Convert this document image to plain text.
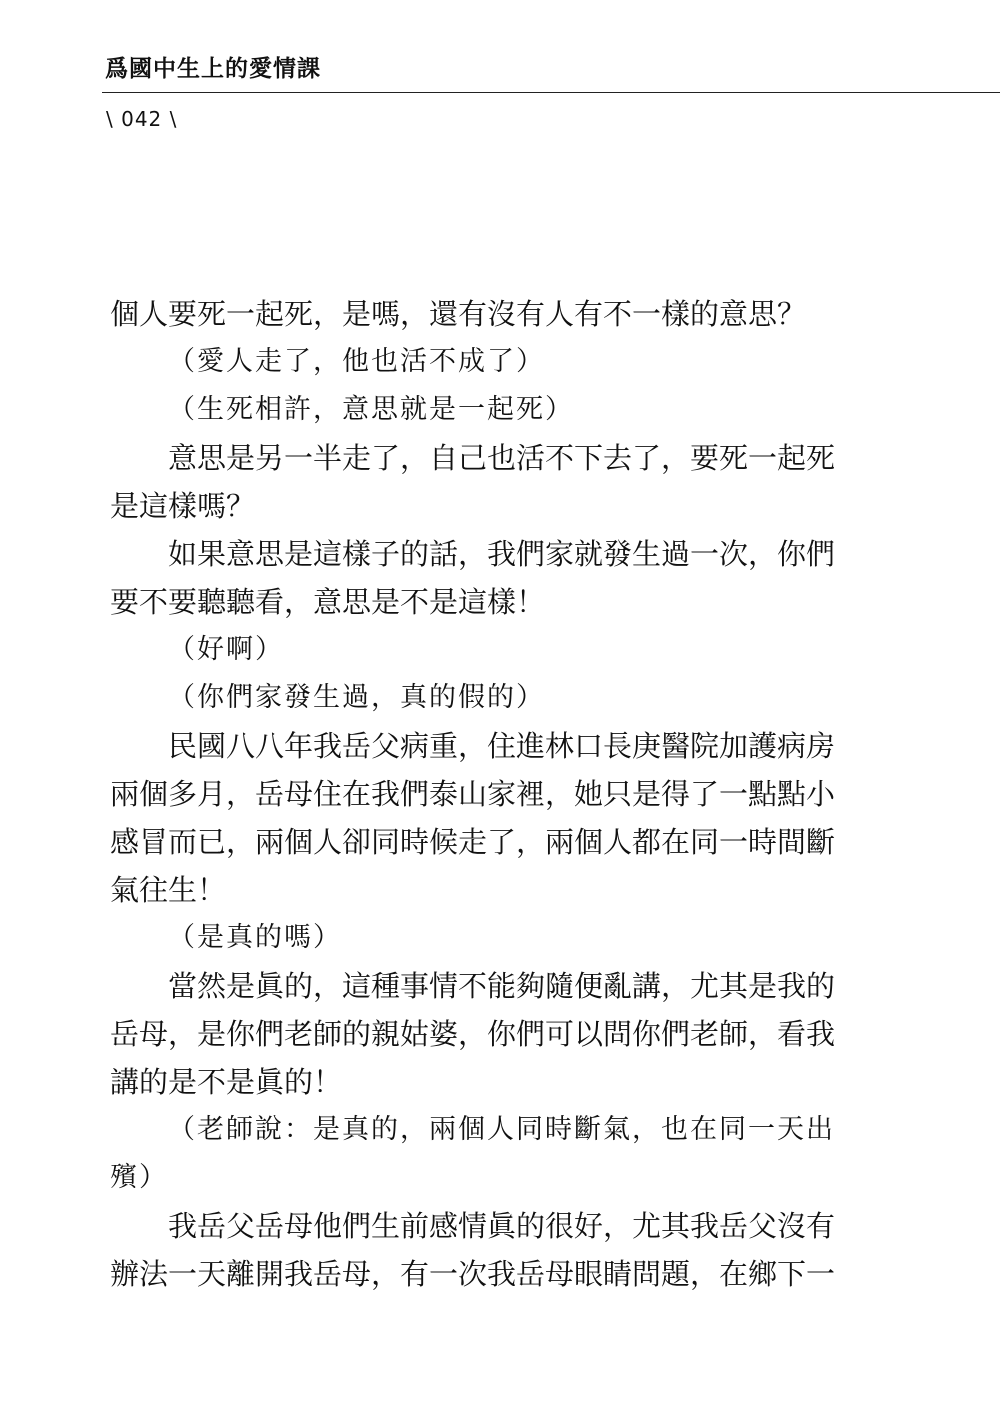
爲國中生上的愛情課
\ 042 \
個人要死一起死，是嗎，還有沒有人有不一樣的意思？
（愛人走了，他也活不成了）
（生死相許，意思就是一起死）
意思是另一半走了，自己也活不下去了，要死一起死
是這樣嗎？
如果意思是這樣子的話，我們家就發生過一次，你們
要不要聽聽看，意思是不是這樣！
（好啊）
（你們家發生過，真的假的）
民國八八年我岳父病重，住進林口長庚醫院加護病房
兩個多月，岳母住在我們泰山家裡，她只是得了一點點小
感冒而已，兩個人卻同時候走了，兩個人都在同一時間斷
氣往生！
（是真的嗎）
當然是眞的，這種事情不能夠隨便亂講，尤其是我的
岳母，是你們老師的親姑婆，你們可以問你們老師，看我
講的是不是眞的！
（老師說：是真的，兩個人同時斷氣，也在同一天出
殯）
我岳父岳母他們生前感情眞的很好，尤其我岳父沒有
辦法一天離開我岳母，有一次我岳母眼睛問題，在鄉下一
